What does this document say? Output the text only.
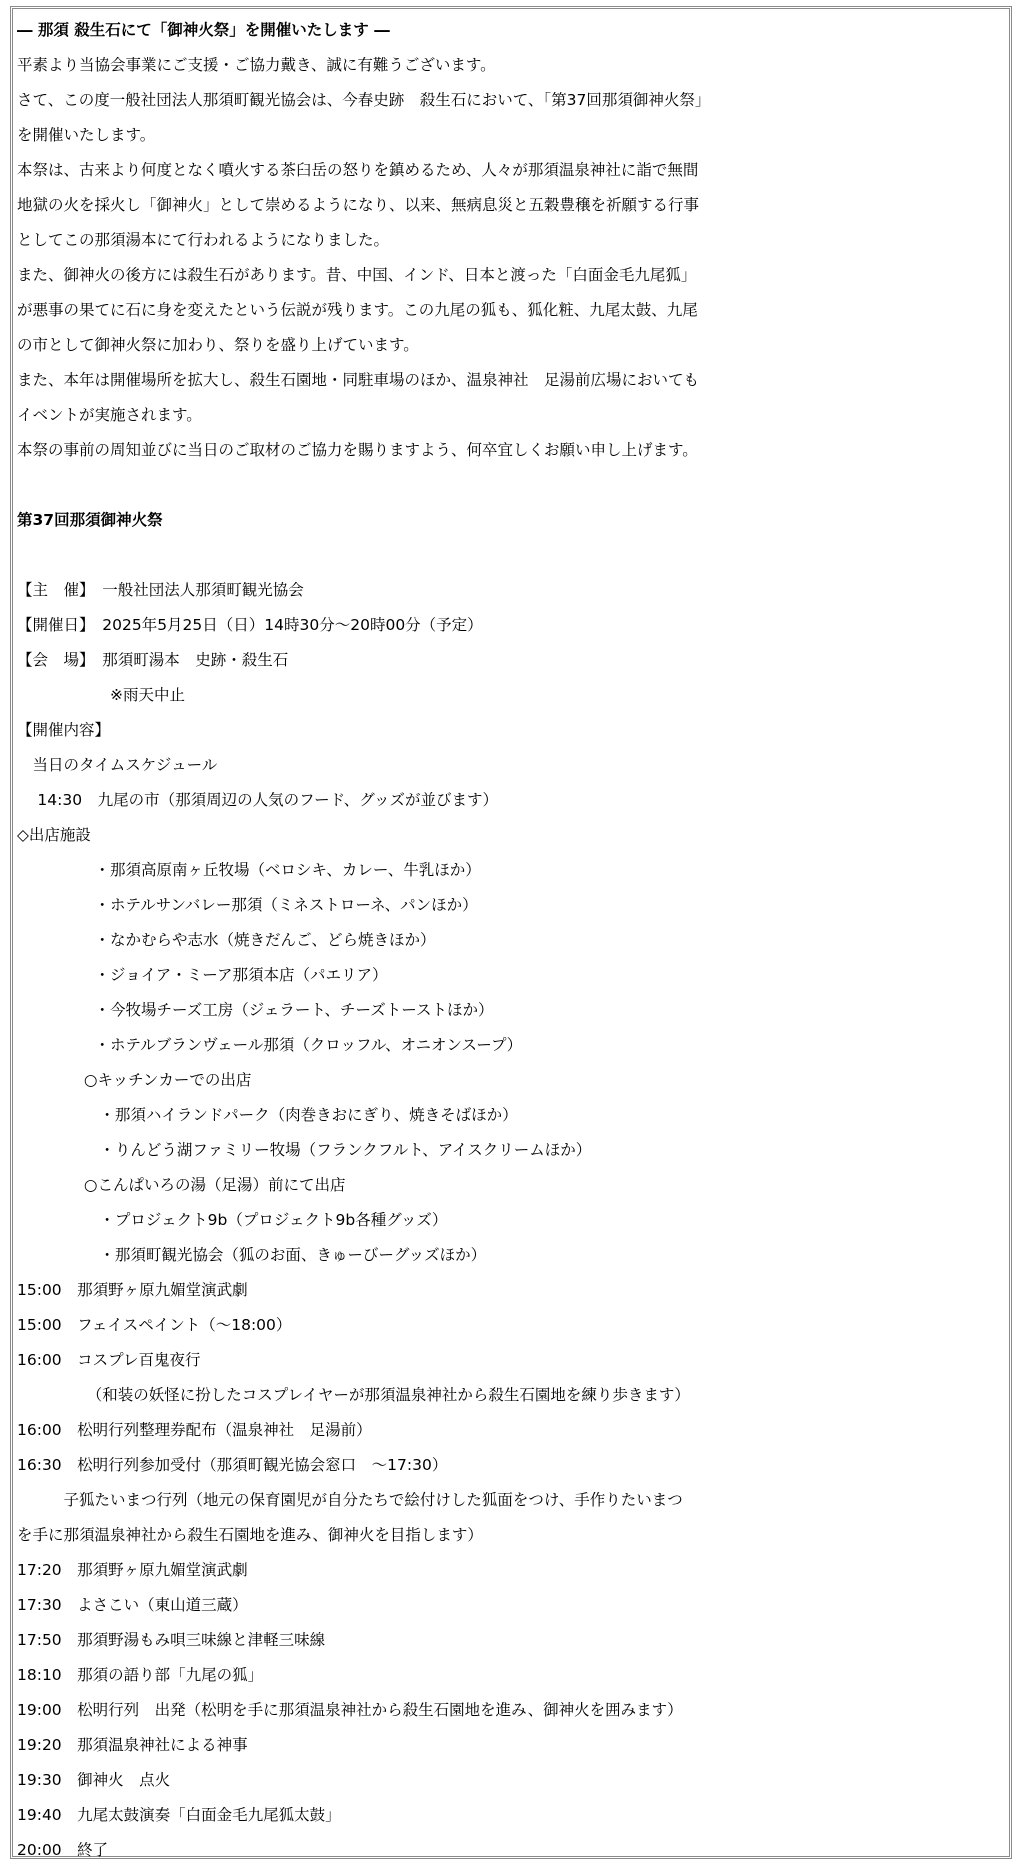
― 那須 殺生石にて「御神火祭」を開催いたします ―
平素より当協会事業にご支援・ご協力戴き、誠に有難うございます。
さて、この度一般社団法人那須町観光協会は、今春史跡　殺生石において、「第37回那須御神火祭」
を開催いたします。
本祭は、古来より何度となく噴火する茶臼岳の怒りを鎮めるため、人々が那須温泉神社に詣で無間
地獄の火を採火し「御神火」として崇めるようになり、以来、無病息災と五穀豊穣を祈願する行事
としてこの那須湯本にて行われるようになりました。
また、御神火の後方には殺生石があります。昔、中国、インド、日本と渡った「白面金毛九尾狐」
が悪事の果てに石に身を変えたという伝説が残ります。この九尾の狐も、狐化粧、九尾太鼓、九尾
の市として御神火祭に加わり、祭りを盛り上げています。
また、本年は開催場所を拡大し、殺生石園地・同駐車場のほか、温泉神社　足湯前広場においても
イベントが実施されます。
本祭の事前の周知並びに当日のご取材のご協力を賜りますよう、何卒宜しくお願い申し上げます。
第37回那須御神火祭
【主　催】　一般社団法人那須町観光協会
【開催日】　2025年5月25日（日）14時30分～20時00分（予定）
【会　場】　那須町湯本　史跡・殺生石
　　　　　　※雨天中止
【開催内容】
　当日のタイムスケジュール
　 14:30　九尾の市（那須周辺の人気のフード、グッズが並びます）
◇出店施設
　　　　　・那須高原南ヶ丘牧場（ベロシキ、カレー、牛乳ほか）
　　　　　・ホテルサンバレー那須（ミネストローネ、パンほか）
　　　　　・なかむらや志水（焼きだんご、どら焼きほか）
　　　　　・ジョイア・ミーア那須本店（パエリア）
　　　　　・今牧場チーズ工房（ジェラート、チーズトーストほか）
　　　　　・ホテルブランヴェール那須（クロッフル、オニオンスープ）
　　　　 ○キッチンカーでの出店
　　　　　 ・那須ハイランドパーク（肉巻きおにぎり、焼きそばほか）
　　　　　 ・りんどう湖ファミリー牧場（フランクフルト、アイスクリームほか）
　　　　 ○こんぱいろの湯（足湯）前にて出店
　　　　　 ・プロジェクト9b（プロジェクト9b各種グッズ）
　　　　　 ・那須町観光協会（狐のお面、きゅーびーグッズほか）
15:00　那須野ヶ原九媚堂演武劇
15:00　フェイスペイント（～18:00）
16:00　コスプレ百鬼夜行
　　　　　（和装の妖怪に扮したコスプレイヤーが那須温泉神社から殺生石園地を練り歩きます）
16:00　松明行列整理券配布（温泉神社　足湯前）
16:30　松明行列参加受付（那須町観光協会窓口　～17:30）
　　　子狐たいまつ行列（地元の保育園児が自分たちで絵付けした狐面をつけ、手作りたいまつ
を手に那須温泉神社から殺生石園地を進み、御神火を目指します）
17:20　那須野ヶ原九媚堂演武劇
17:30　よさこい（東山道三蔵）
17:50　那須野湯もみ唄三味線と津軽三味線
18:10　那須の語り部「九尾の狐」
19:00　松明行列　出発（松明を手に那須温泉神社から殺生石園地を進み、御神火を囲みます）
19:20　那須温泉神社による神事
19:30　御神火　点火
19:40　九尾太鼓演奏「白面金毛九尾狐太鼓」
20:00　終了
